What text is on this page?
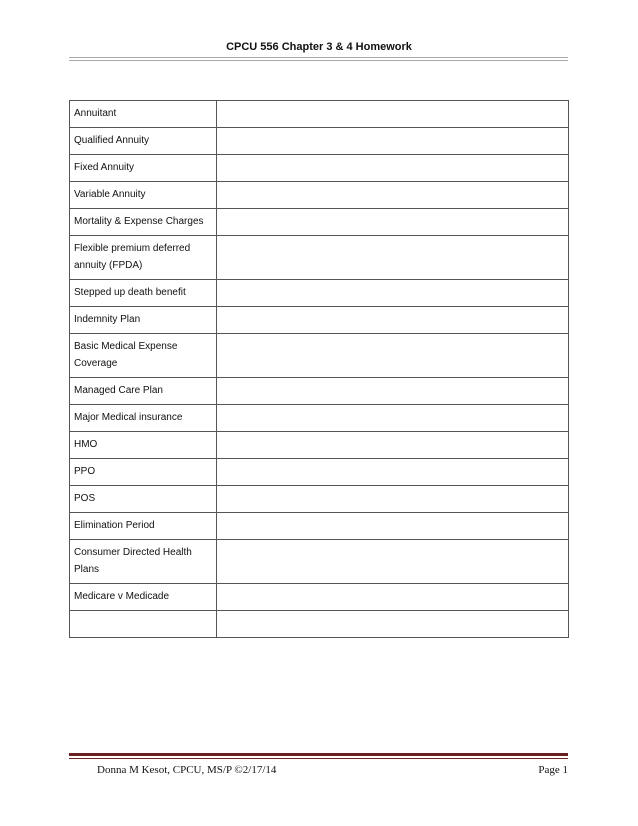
CPCU 556 Chapter 3 & 4 Homework
Annuitant	
Qualified Annuity	
Fixed Annuity	
Variable Annuity	
Mortality & Expense Charges	
Flexible premium deferred annuity (FPDA)	
Stepped up death benefit	
Indemnity Plan	
Basic Medical Expense Coverage	
Managed Care Plan	
Major Medical insurance	
HMO	
PPO	
POS	
Elimination Period	
Consumer Directed Health Plans	
Medicare v Medicade	

Donna M Kesot, CPCU, MS/P ©2/17/14	Page 1
